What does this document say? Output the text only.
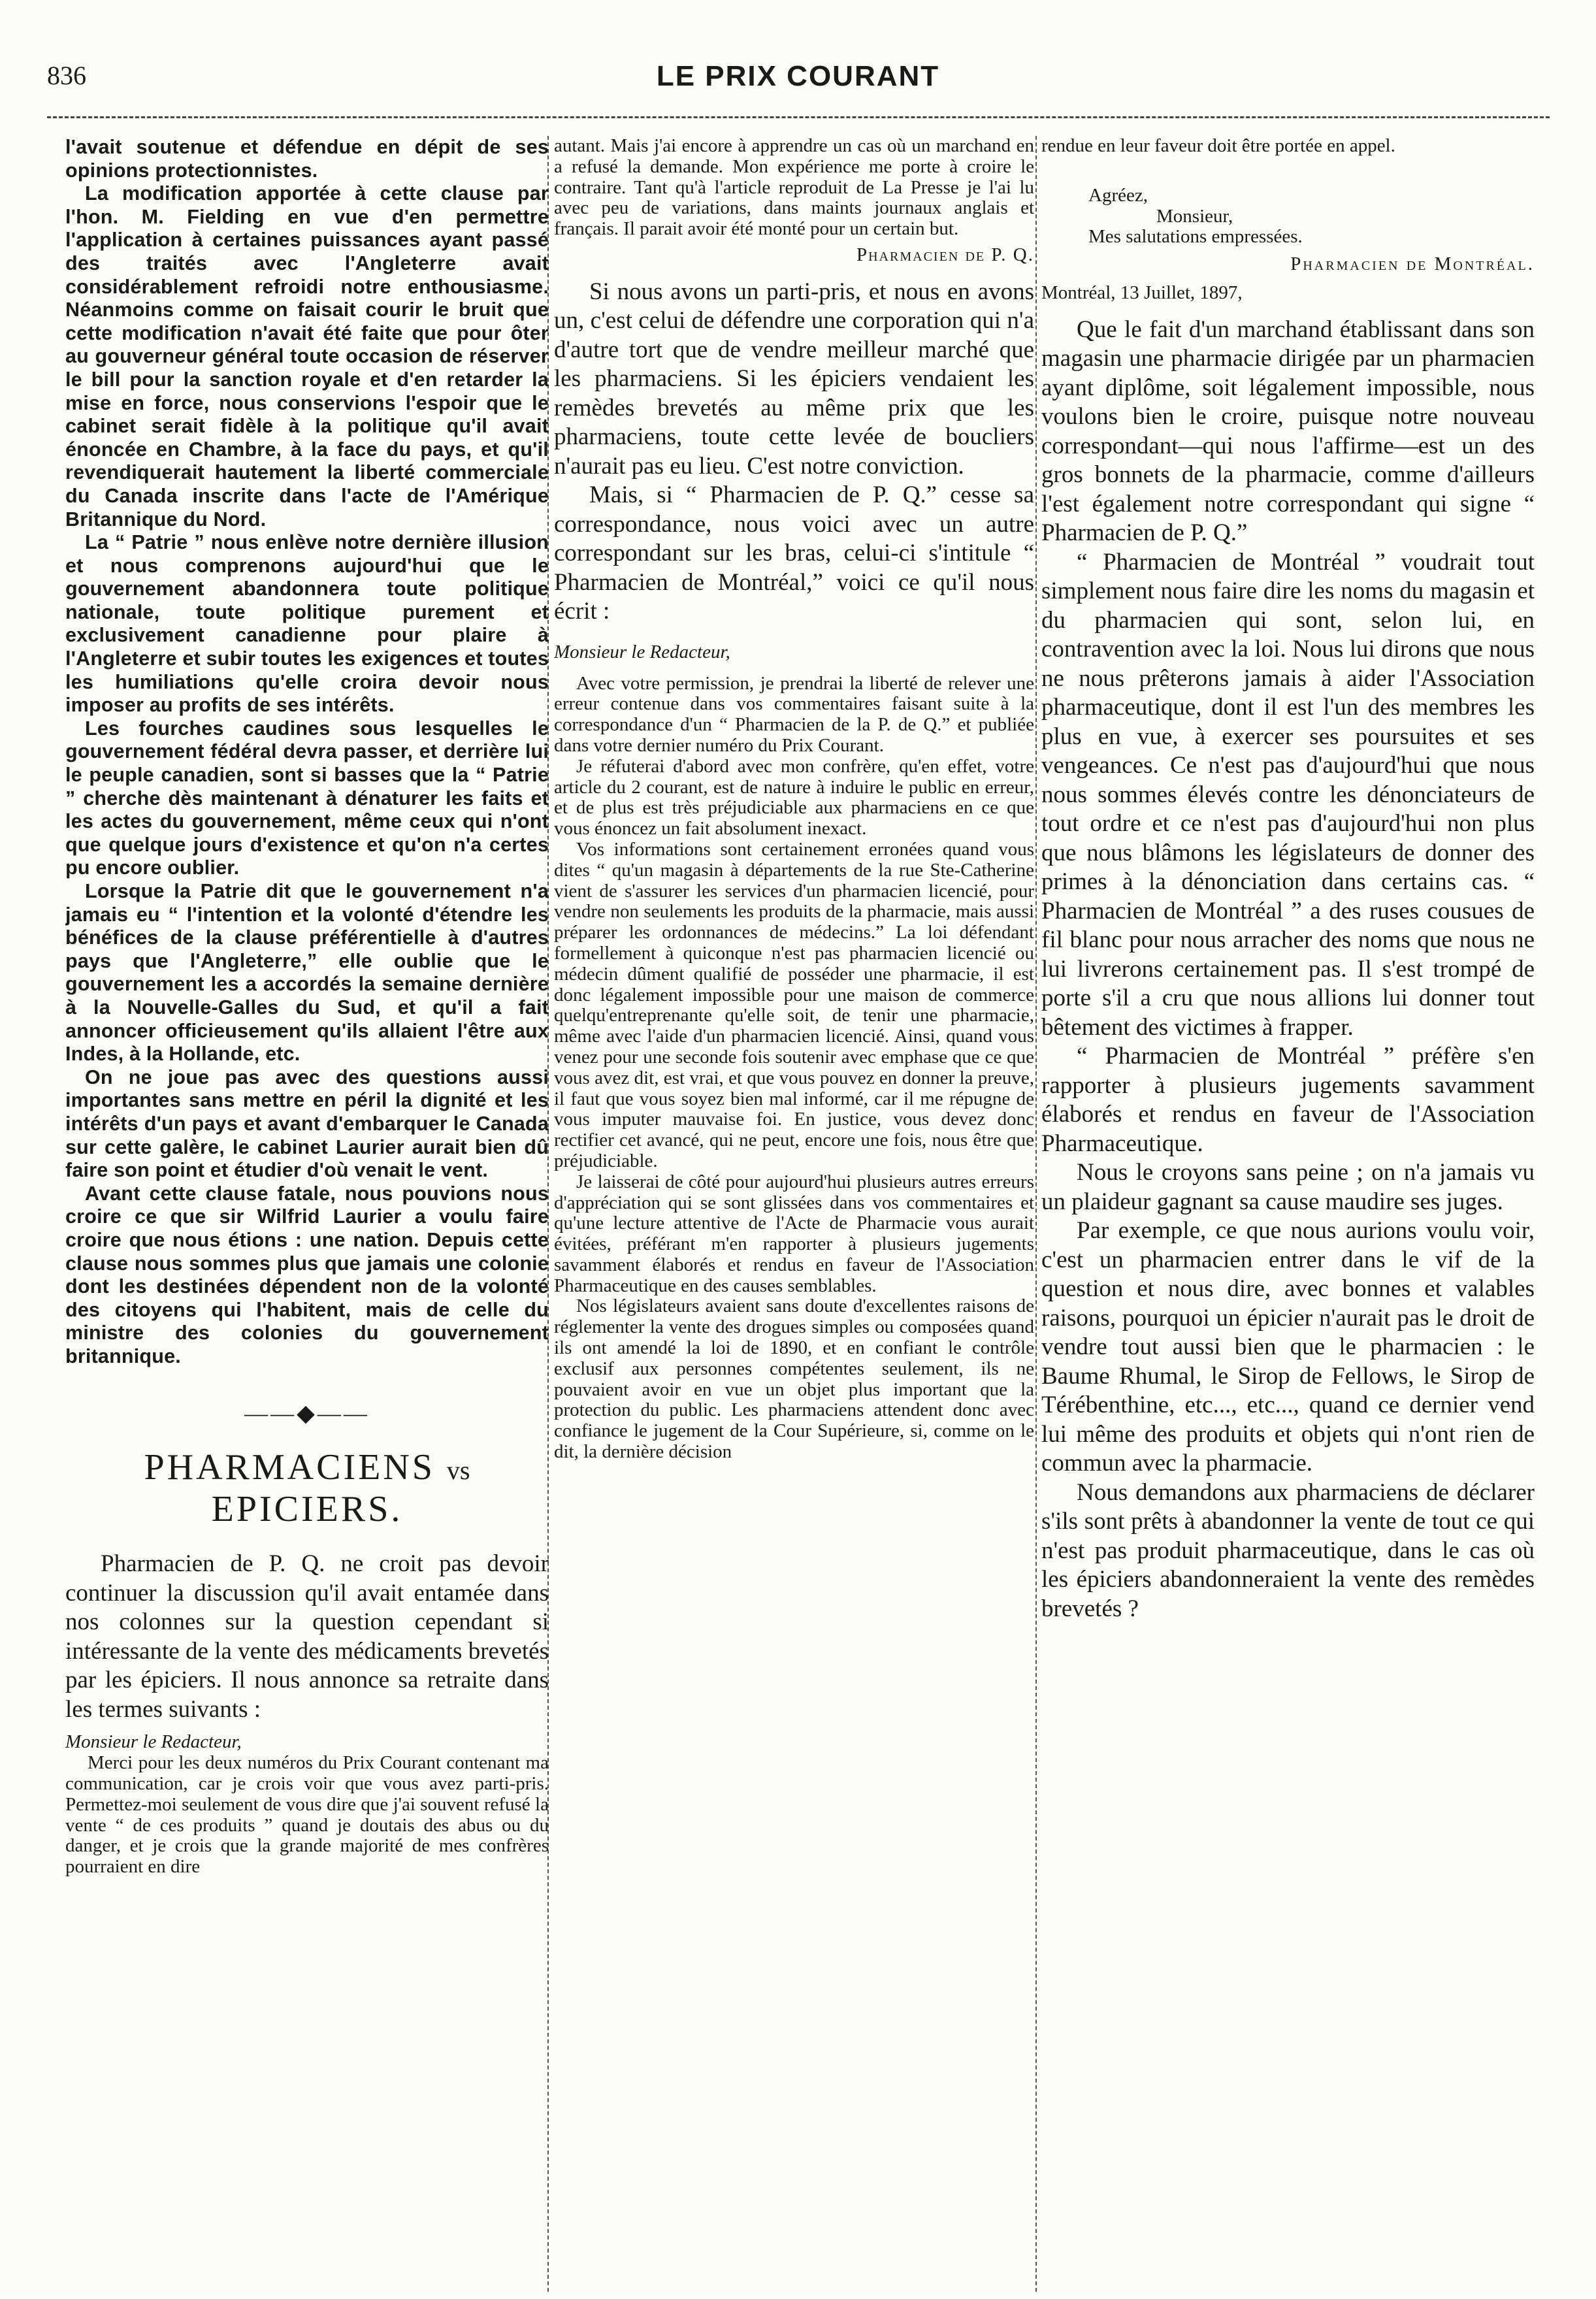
836	LE PRIX COURANT

l'avait soutenue et défendue en dépit de ses opinions protectionnistes.

La modification apportée à cette clause par l'hon. M. Fielding en vue d'en permettre l'application à certaines puissances ayant passé des traités avec l'Angleterre avait considérablement refroidi notre enthousiasme. Néanmoins comme on faisait courir le bruit que cette modification n'avait été faite que pour ôter au gouverneur général toute occasion de réserver le bill pour la sanction royale et d'en retarder la mise en force, nous conservions l'espoir que le cabinet serait fidèle à la politique qu'il avait énoncée en Chambre, à la face du pays, et qu'il revendiquerait hautement la liberté commerciale du Canada inscrite dans l'acte de l'Amérique Britannique du Nord.

La “ Patrie ” nous enlève notre dernière illusion et nous comprenons aujourd'hui que le gouvernement abandonnera toute politique nationale, toute politique purement et exclusivement canadienne pour plaire à l'Angleterre et subir toutes les exigences et toutes les humiliations qu'elle croira devoir nous imposer au profits de ses intérêts.

Les fourches caudines sous lesquelles le gouvernement fédéral devra passer, et derrière lui le peuple canadien, sont si basses que la “ Patrie ” cherche dès maintenant à dénaturer les faits et les actes du gouvernement, même ceux qui n'ont que quelque jours d'existence et qu'on n'a certes pu encore oublier.

Lorsque la Patrie dit que le gouvernement n'a jamais eu “ l'intention et la volonté d'étendre les bénéfices de la clause préférentielle à d'autres pays que l'Angleterre,” elle oublie que le gouvernement les a accordés la semaine dernière à la Nouvelle-Galles du Sud, et qu'il a fait annoncer officieusement qu'ils allaient l'être aux Indes, à la Hollande, etc.

On ne joue pas avec des questions aussi importantes sans mettre en péril la dignité et les intérêts d'un pays et avant d'embarquer le Canada sur cette galère, le cabinet Laurier aurait bien dû faire son point et étudier d'où venait le vent.

Avant cette clause fatale, nous pouvions nous croire ce que sir Wilfrid Laurier a voulu faire croire que nous étions : une nation. Depuis cette clause nous sommes plus que jamais une colonie dont les destinées dépendent non de la volonté des citoyens qui l'habitent, mais de celle du ministre des colonies du gouvernement britannique.

——◆——
PHARMACIENS vs EPICIERS.

Pharmacien de P. Q. ne croit pas devoir continuer la discussion qu'il avait entamée dans nos colonnes sur la question cependant si intéressante de la vente des médicaments brevetés par les épiciers. Il nous annonce sa retraite dans les termes suivants :

Monsieur le Redacteur,

Merci pour les deux numéros du Prix Courant contenant ma communication, car je crois voir que vous avez parti-pris. Permettez-moi seulement de vous dire que j'ai souvent refusé la vente “ de ces produits ” quand je doutais des abus ou du danger, et je crois que la grande majorité de mes confrères pourraient en dire

autant. Mais j'ai encore à apprendre un cas où un marchand en a refusé la demande. Mon expérience me porte à croire le contraire. Tant qu'à l'article reproduit de La Presse je l'ai lu avec peu de variations, dans maints journaux anglais et français. Il parait avoir été monté pour un certain but.

Pharmacien de P. Q.

Si nous avons un parti-pris, et nous en avons un, c'est celui de défendre une corporation qui n'a d'autre tort que de vendre meilleur marché que les pharmaciens. Si les épiciers vendaient les remèdes brevetés au même prix que les pharmaciens, toute cette levée de boucliers n'aurait pas eu lieu. C'est notre conviction.

Mais, si “ Pharmacien de P. Q.” cesse sa correspondance, nous voici avec un autre correspondant sur les bras, celui-ci s'intitule “ Pharmacien de Montréal,” voici ce qu'il nous écrit :

Monsieur le Redacteur,

Avec votre permission, je prendrai la liberté de relever une erreur contenue dans vos commentaires faisant suite à la correspondance d'un “ Pharmacien de la P. de Q.” et publiée dans votre dernier numéro du Prix Courant.

Je réfuterai d'abord avec mon confrère, qu'en effet, votre article du 2 courant, est de nature à induire le public en erreur, et de plus est très préjudiciable aux pharmaciens en ce que vous énoncez un fait absolument inexact.

Vos informations sont certainement erronées quand vous dites “ qu'un magasin à départements de la rue Ste-Catherine vient de s'assurer les services d'un pharmacien licencié, pour vendre non seulements les produits de la pharmacie, mais aussi préparer les ordonnances de médecins.” La loi défendant formellement à quiconque n'est pas pharmacien licencié ou médecin dûment qualifié de posséder une pharmacie, il est donc légalement impossible pour une maison de commerce quelqu'entreprenante qu'elle soit, de tenir une pharmacie, même avec l'aide d'un pharmacien licencié. Ainsi, quand vous venez pour une seconde fois soutenir avec emphase que ce que vous avez dit, est vrai, et que vous pouvez en donner la preuve, il faut que vous soyez bien mal informé, car il me répugne de vous imputer mauvaise foi. En justice, vous devez donc rectifier cet avancé, qui ne peut, encore une fois, nous être que préjudiciable.

Je laisserai de côté pour aujourd'hui plusieurs autres erreurs d'appréciation qui se sont glissées dans vos commentaires et qu'une lecture attentive de l'Acte de Pharmacie vous aurait évitées, préférant m'en rapporter à plusieurs jugements savamment élaborés et rendus en faveur de l'Association Pharmaceutique en des causes semblables.

Nos législateurs avaient sans doute d'excellentes raisons de réglementer la vente des drogues simples ou composées quand ils ont amendé la loi de 1890, et en confiant le contrôle exclusif aux personnes compétentes seulement, ils ne pouvaient avoir en vue un objet plus important que la protection du public. Les pharmaciens attendent donc avec confiance le jugement de la Cour Supérieure, si, comme on le dit, la dernière décision

rendue en leur faveur doit être portée en appel.

Agréez,

Monsieur,

Mes salutations empressées.

Pharmacien de Montréal.

Montréal, 13 Juillet, 1897,

Que le fait d'un marchand établissant dans son magasin une pharmacie dirigée par un pharmacien ayant diplôme, soit légalement impossible, nous voulons bien le croire, puisque notre nouveau correspondant—qui nous l'affirme—est un des gros bonnets de la pharmacie, comme d'ailleurs l'est également notre correspondant qui signe “ Pharmacien de P. Q.”

“ Pharmacien de Montréal ” voudrait tout simplement nous faire dire les noms du magasin et du pharmacien qui sont, selon lui, en contravention avec la loi. Nous lui dirons que nous ne nous prêterons jamais à aider l'Association pharmaceutique, dont il est l'un des membres les plus en vue, à exercer ses poursuites et ses vengeances. Ce n'est pas d'aujourd'hui que nous nous sommes élevés contre les dénonciateurs de tout ordre et ce n'est pas d'aujourd'hui non plus que nous blâmons les législateurs de donner des primes à la dénonciation dans certains cas. “ Pharmacien de Montréal ” a des ruses cousues de fil blanc pour nous arracher des noms que nous ne lui livrerons certainement pas. Il s'est trompé de porte s'il a cru que nous allions lui donner tout bêtement des victimes à frapper.

“ Pharmacien de Montréal ” préfère s'en rapporter à plusieurs jugements savamment élaborés et rendus en faveur de l'Association Pharmaceutique.

Nous le croyons sans peine ; on n'a jamais vu un plaideur gagnant sa cause maudire ses juges.

Par exemple, ce que nous aurions voulu voir, c'est un pharmacien entrer dans le vif de la question et nous dire, avec bonnes et valables raisons, pourquoi un épicier n'aurait pas le droit de vendre tout aussi bien que le pharmacien : le Baume Rhumal, le Sirop de Fellows, le Sirop de Térébenthine, etc..., etc..., quand ce dernier vend lui même des produits et objets qui n'ont rien de commun avec la pharmacie.

Nous demandons aux pharmaciens de déclarer s'ils sont prêts à abandonner la vente de tout ce qui n'est pas produit pharmaceutique, dans le cas où les épiciers abandonneraient la vente des remèdes brevetés ?
